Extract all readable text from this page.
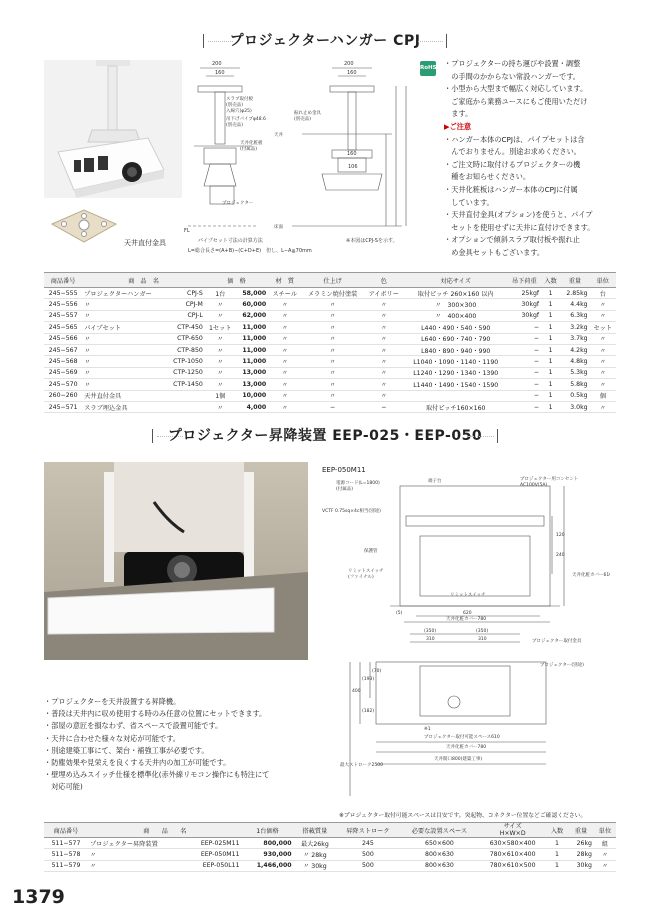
プロジェクターハンガー CPJ
天井直付金具
200
160
200
160
160
106
スラブ取付板
(別売品)
入線穴(φ25)
吊下げパイプφ48.6
(別売品)
天井化粧板
(付属品)
プロジェクター
振れ止め金具
(別売品)
天井
床面
FL
パイプセット寸法の計算方法
L=総合長さ=(A+B)−(C+D+E)　但し、L−A≧70mm
※本図はCPJ-Sを示す。
RoHS ・プロジェクターの持ち運びや設置・調整
　の手間のかからない常設ハンガーです。
・小型から大型まで幅広く対応しています。
　ご家庭から業務ユースにもご使用いただけ
　ます。
▶ご注意
・ハンガー本体のCPJは、パイプセットは含
　んでおりません。別途お求めください。
・ご注文時に取付けるプロジェクターの機
　種をお知らせください。
・天井化粧板はハンガー本体のCPJに付属
　しています。
・天井直付金具(オプション)を使うと、パイプ
　セットを使用せずに天井に直付けできます。
・オプションで傾斜スラブ取付板や振れ止
　め金具セットもございます。
商品番号	商　品　名		価　格		材　質	仕上げ	色	対応サイズ	吊下荷重	入数	重量	単位
245−555	プロジェクターハンガー	CPJ-S	1台	58,000	スチール	メラミン焼付塗装	アイボリー	取付ピッチ 260×160 以内	25kgf	1	2.85kg	台
245−556	〃	CPJ-M	〃	60,000	〃	〃	〃	〃　300×300	30kgf	1	4.4kg	〃
245−557	〃	CPJ-L	〃	62,000	〃	〃	〃	〃　400×400	30kgf	1	6.3kg	〃
245−565	パイプセット	CTP-450	1セット	11,000	〃	〃	〃	L440・490・540・590	−	1	3.2kg	セット
245−566	〃	CTP-650	〃	11,000	〃	〃	〃	L640・690・740・790	−	1	3.7kg	〃
245−567	〃	CTP-850	〃	11,000	〃	〃	〃	L840・890・940・990	−	1	4.2kg	〃
245−568	〃	CTP-1050	〃	11,000	〃	〃	〃	L1040・1090・1140・1190	−	1	4.8kg	〃
245−569	〃	CTP-1250	〃	13,000	〃	〃	〃	L1240・1290・1340・1390	−	1	5.3kg	〃
245−570	〃	CTP-1450	〃	13,000	〃	〃	〃	L1440・1490・1540・1590	−	1	5.8kg	〃
260−260	天井直付金具		1個	10,000	〃	〃	〃		−	1	0.5kg	個
245−571	スラブ埋込金具		〃	4,000	〃	−	−	取付ピッチ160×160	−	1	3.0kg	〃
プロジェクター昇降装置 EEP-025・EEP-050
EEP-050M11
電源コード(L=1800)
(付属品)
端子台	プロジェクター用コンセント
AC100V(5A)
VCTF 0.75sq×4c相当(別途)
保護管
リミットスイッチ
(ファイナル)
リミットスイッチ
620
(5)
天井化粧カバー780
120
240
天井化粧カバー610
(350)	(350)
310	310	プロジェクター取付金具
プロジェクター(別途)
400
(193)
(70)
(182)
最大ストローク2500
※1
プロジェクター取付可能スペース610
天井化粧カバー780
天井開口800(建築工事)
・プロジェクターを天井設置する昇降機。
・普段は天井内に収め使用する時のみ任意の位置にセットできます。
・部屋の意匠を損なわず、省スペースで設置可能です。
・天井に合わせた様々な対応が可能です。
・別途建築工事にて、架台・補強工事が必要です。
・防塵効果や見栄えを良くする天井内の加工が可能です。
・壁埋め込みスイッチ仕様を標準化(赤外線リモコン操作にも特注にて
　対応可能)
※プロジェクター取付可能スペースは目安です。突起物、コネクター位置などご確認ください。
商品番号	商　　品　　名		1台価格	搭載質量	昇降ストローク	必要な設置スペース	サイズ
H×W×D	入数	重量	単位
511−577	プロジェクター昇降装置	EEP-025M11	800,000	最大26kg	245	650×600	630×580×400	1	26kg	組
511−578	〃	EEP-050M11	930,000	〃 28kg	500	800×630	780×610×400	1	28kg	〃
511−579	〃	EEP-050L11	1,466,000	〃 30kg	500	800×630	780×610×500	1	30kg	〃
1379
